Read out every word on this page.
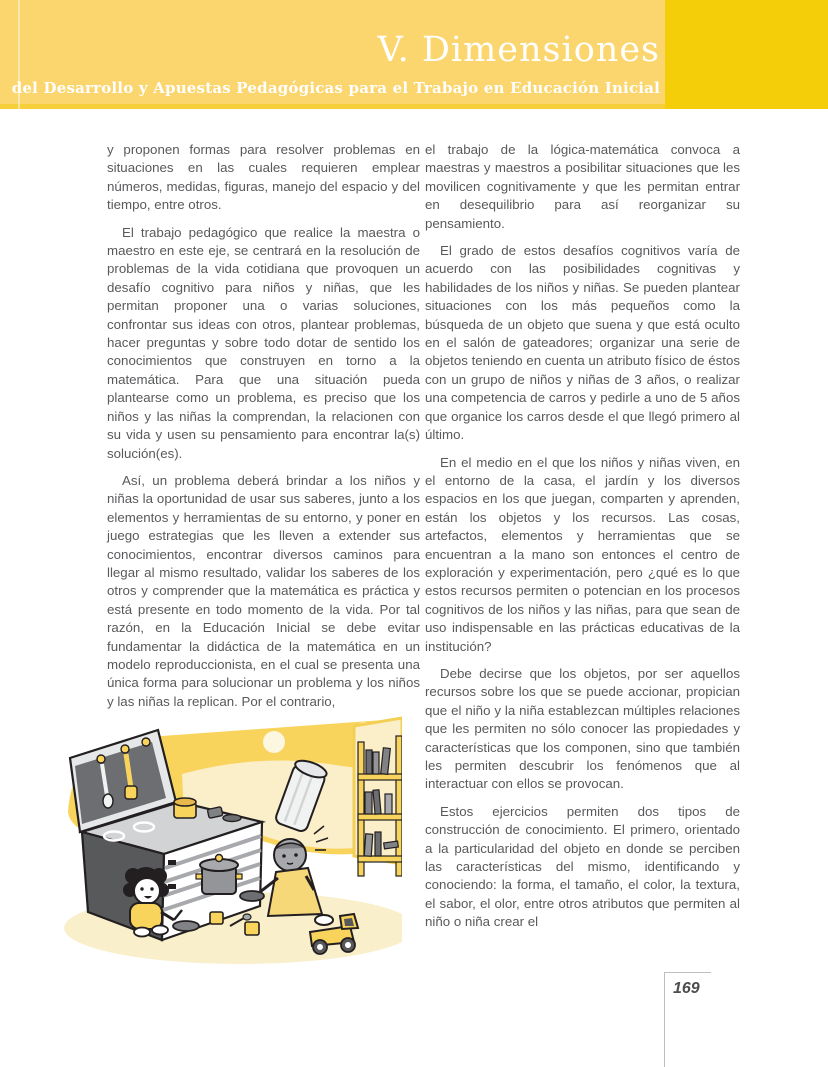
V. Dimensiones
del Desarrollo y Apuestas Pedagógicas para el Trabajo en Educación Inicial

y proponen formas para resolver problemas en situaciones en las cuales requieren emplear números, medidas, figuras, manejo del espacio y del tiempo, entre otros.

El trabajo pedagógico que realice la maestra o maestro en este eje, se centrará en la resolución de problemas de la vida cotidiana que provoquen un desafío cognitivo para niños y niñas, que les permitan proponer una o varias soluciones, confrontar sus ideas con otros, plantear problemas, hacer preguntas y sobre todo dotar de sentido los conocimientos que construyen en torno a la matemática. Para que una situación pueda plantearse como un problema, es preciso que los niños y las niñas la comprendan, la relacionen con su vida y usen su pensamiento para encontrar la(s) solución(es).

Así, un problema deberá brindar a los niños y niñas la oportunidad de usar sus saberes, junto a los elementos y herramientas de su entorno, y poner en juego estrategias que les lleven a extender sus conocimientos, encontrar diversos caminos para llegar al mismo resultado, validar los saberes de los otros y comprender que la matemática es práctica y está presente en todo momento de la vida. Por tal razón, en la Educación Inicial se debe evitar fundamentar la didáctica de la matemática en un modelo reproduccionista, en el cual se presenta una única forma para solucionar un problema y los niños y las niñas la replican. Por el contrario,

el trabajo de la lógica-matemática convoca a maestras y maestros a posibilitar situaciones que les movilicen cognitivamente y que les permitan entrar en desequilibrio para así reorganizar su pensamiento.

El grado de estos desafíos cognitivos varía de acuerdo con las posibilidades cognitivas y habilidades de los niños y niñas. Se pueden plantear situaciones con los más pequeños como la búsqueda de un objeto que suena y que está oculto en el salón de gateadores; organizar una serie de objetos teniendo en cuenta un atributo físico de éstos con un grupo de niños y niñas de 3 años, o realizar una competencia de carros y pedirle a uno de 5 años que organice los carros desde el que llegó primero al último.

En el medio en el que los niños y niñas viven, en el entorno de la casa, el jardín y los diversos espacios en los que juegan, comparten y aprenden, están los objetos y los recursos. Las cosas, artefactos, elementos y herramientas que se encuentran a la mano son entonces el centro de exploración y experimentación, pero ¿qué es lo que estos recursos permiten o potencian en los procesos cognitivos de los niños y las niñas, para que sean de uso indispensable en las prácticas educativas de la institución?

Debe decirse que los objetos, por ser aquellos recursos sobre los que se puede accionar, propician que el niño y la niña establezcan múltiples relaciones que les permiten no sólo conocer las propiedades y características que los componen, sino que también les permiten descubrir los fenómenos que al interactuar con ellos se provocan.

Estos ejercicios permiten dos tipos de construcción de conocimiento. El primero, orientado a la particularidad del objeto en donde se perciben las características del mismo, identificando y conociendo: la forma, el tamaño, el color, la textura, el sabor, el olor, entre otros atributos que permiten al niño o niña crear el

169
